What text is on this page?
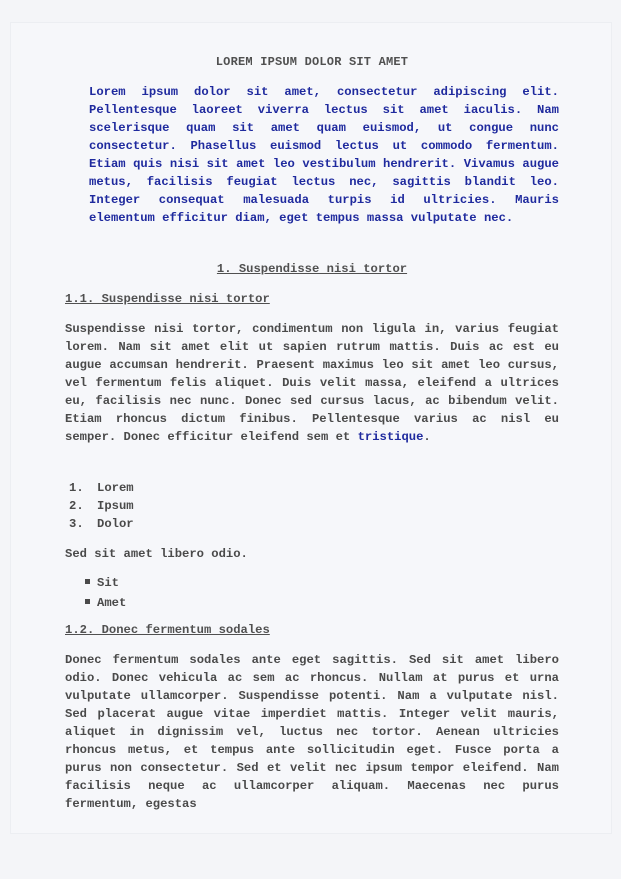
LOREM IPSUM DOLOR SIT AMET
Lorem ipsum dolor sit amet, consectetur adipiscing elit. Pellentesque laoreet viverra lectus sit amet iaculis. Nam scelerisque quam sit amet quam euismod, ut congue nunc consectetur. Phasellus euismod lectus ut commodo fermentum. Etiam quis nisi sit amet leo vestibulum hendrerit. Vivamus augue metus, facilisis feugiat lectus nec, sagittis blandit leo. Integer consequat malesuada turpis id ultricies. Mauris elementum efficitur diam, eget tempus massa vulputate nec.
1. Suspendisse nisi tortor
1.1. Suspendisse nisi tortor
Suspendisse nisi tortor, condimentum non ligula in, varius feugiat lorem. Nam sit amet elit ut sapien rutrum mattis. Duis ac est eu augue accumsan hendrerit. Praesent maximus leo sit amet leo cursus, vel fermentum felis aliquet. Duis velit massa, eleifend a ultrices eu, facilisis nec nunc. Donec sed cursus lacus, ac bibendum velit. Etiam rhoncus dictum finibus. Pellentesque varius ac nisl eu semper. Donec efficitur eleifend sem et tristique.
1. Lorem
2. Ipsum
3. Dolor
Sed sit amet libero odio.
Sit
Amet
1.2. Donec fermentum sodales
Donec fermentum sodales ante eget sagittis. Sed sit amet libero odio. Donec vehicula ac sem ac rhoncus. Nullam at purus et urna vulputate ullamcorper. Suspendisse potenti. Nam a vulputate nisl. Sed placerat augue vitae imperdiet mattis. Integer velit mauris, aliquet in dignissim vel, luctus nec tortor. Aenean ultricies rhoncus metus, et tempus ante sollicitudin eget. Fusce porta a purus non consectetur. Sed et velit nec ipsum tempor eleifend. Nam facilisis neque ac ullamcorper aliquam. Maecenas nec purus fermentum, egestas
